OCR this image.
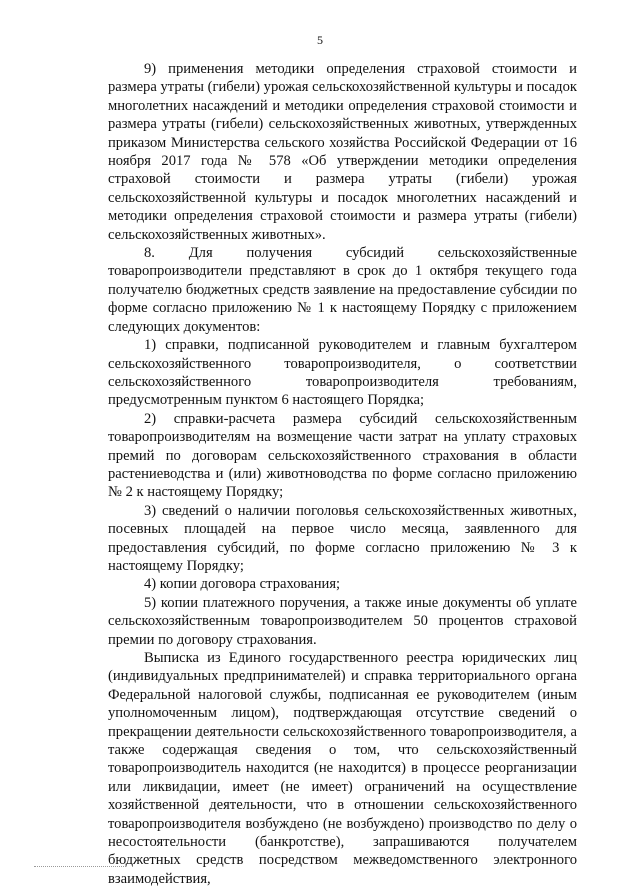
5

9) применения методики определения страховой стоимости и размера утраты (гибели) урожая сельскохозяйственной культуры и посадок многолетних насаждений и методики определения страховой стоимости и размера утраты (гибели) сельскохозяйственных животных, утвержденных приказом Министерства сельского хозяйства Российской Федерации от 16 ноября 2017 года № 578 «Об утверждении методики определения страховой стоимости и размера утраты (гибели) урожая сельскохозяйственной культуры и посадок многолетних насаждений и методики определения страховой стоимости и размера утраты (гибели) сельскохозяйственных животных».

8. Для получения субсидий сельскохозяйственные товаропроизводители представляют в срок до 1 октября текущего года получателю бюджетных средств заявление на предоставление субсидии по форме согласно приложению № 1 к настоящему Порядку с приложением следующих документов:

1) справки, подписанной руководителем и главным бухгалтером сельскохозяйственного товаропроизводителя, о соответствии сельскохозяйственного товаропроизводителя требованиям, предусмотренным пунктом 6 настоящего Порядка;

2) справки-расчета размера субсидий сельскохозяйственным товаропроизводителям на возмещение части затрат на уплату страховых премий по договорам сельскохозяйственного страхования в области растениеводства и (или) животноводства по форме согласно приложению № 2 к настоящему Порядку;

3) сведений о наличии поголовья сельскохозяйственных животных, посевных площадей на первое число месяца, заявленного для предоставления субсидий, по форме согласно приложению № 3 к настоящему Порядку;

4) копии договора страхования;

5) копии платежного поручения, а также иные документы об уплате сельскохозяйственным товаропроизводителем 50 процентов страховой премии по договору страхования.

Выписка из Единого государственного реестра юридических лиц (индивидуальных предпринимателей) и справка территориального органа Федеральной налоговой службы, подписанная ее руководителем (иным уполномоченным лицом), подтверждающая отсутствие сведений о прекращении деятельности сельскохозяйственного товаропроизводителя, а также содержащая сведения о том, что сельскохозяйственный товаропроизводитель находится (не находится) в процессе реорганизации или ликвидации, имеет (не имеет) ограничений на осуществление хозяйственной деятельности, что в отношении сельскохозяйственного товаропроизводителя возбуждено (не возбуждено) производство по делу о несостоятельности (банкротстве), запрашиваются получателем бюджетных средств посредством межведомственного электронного взаимодействия,
